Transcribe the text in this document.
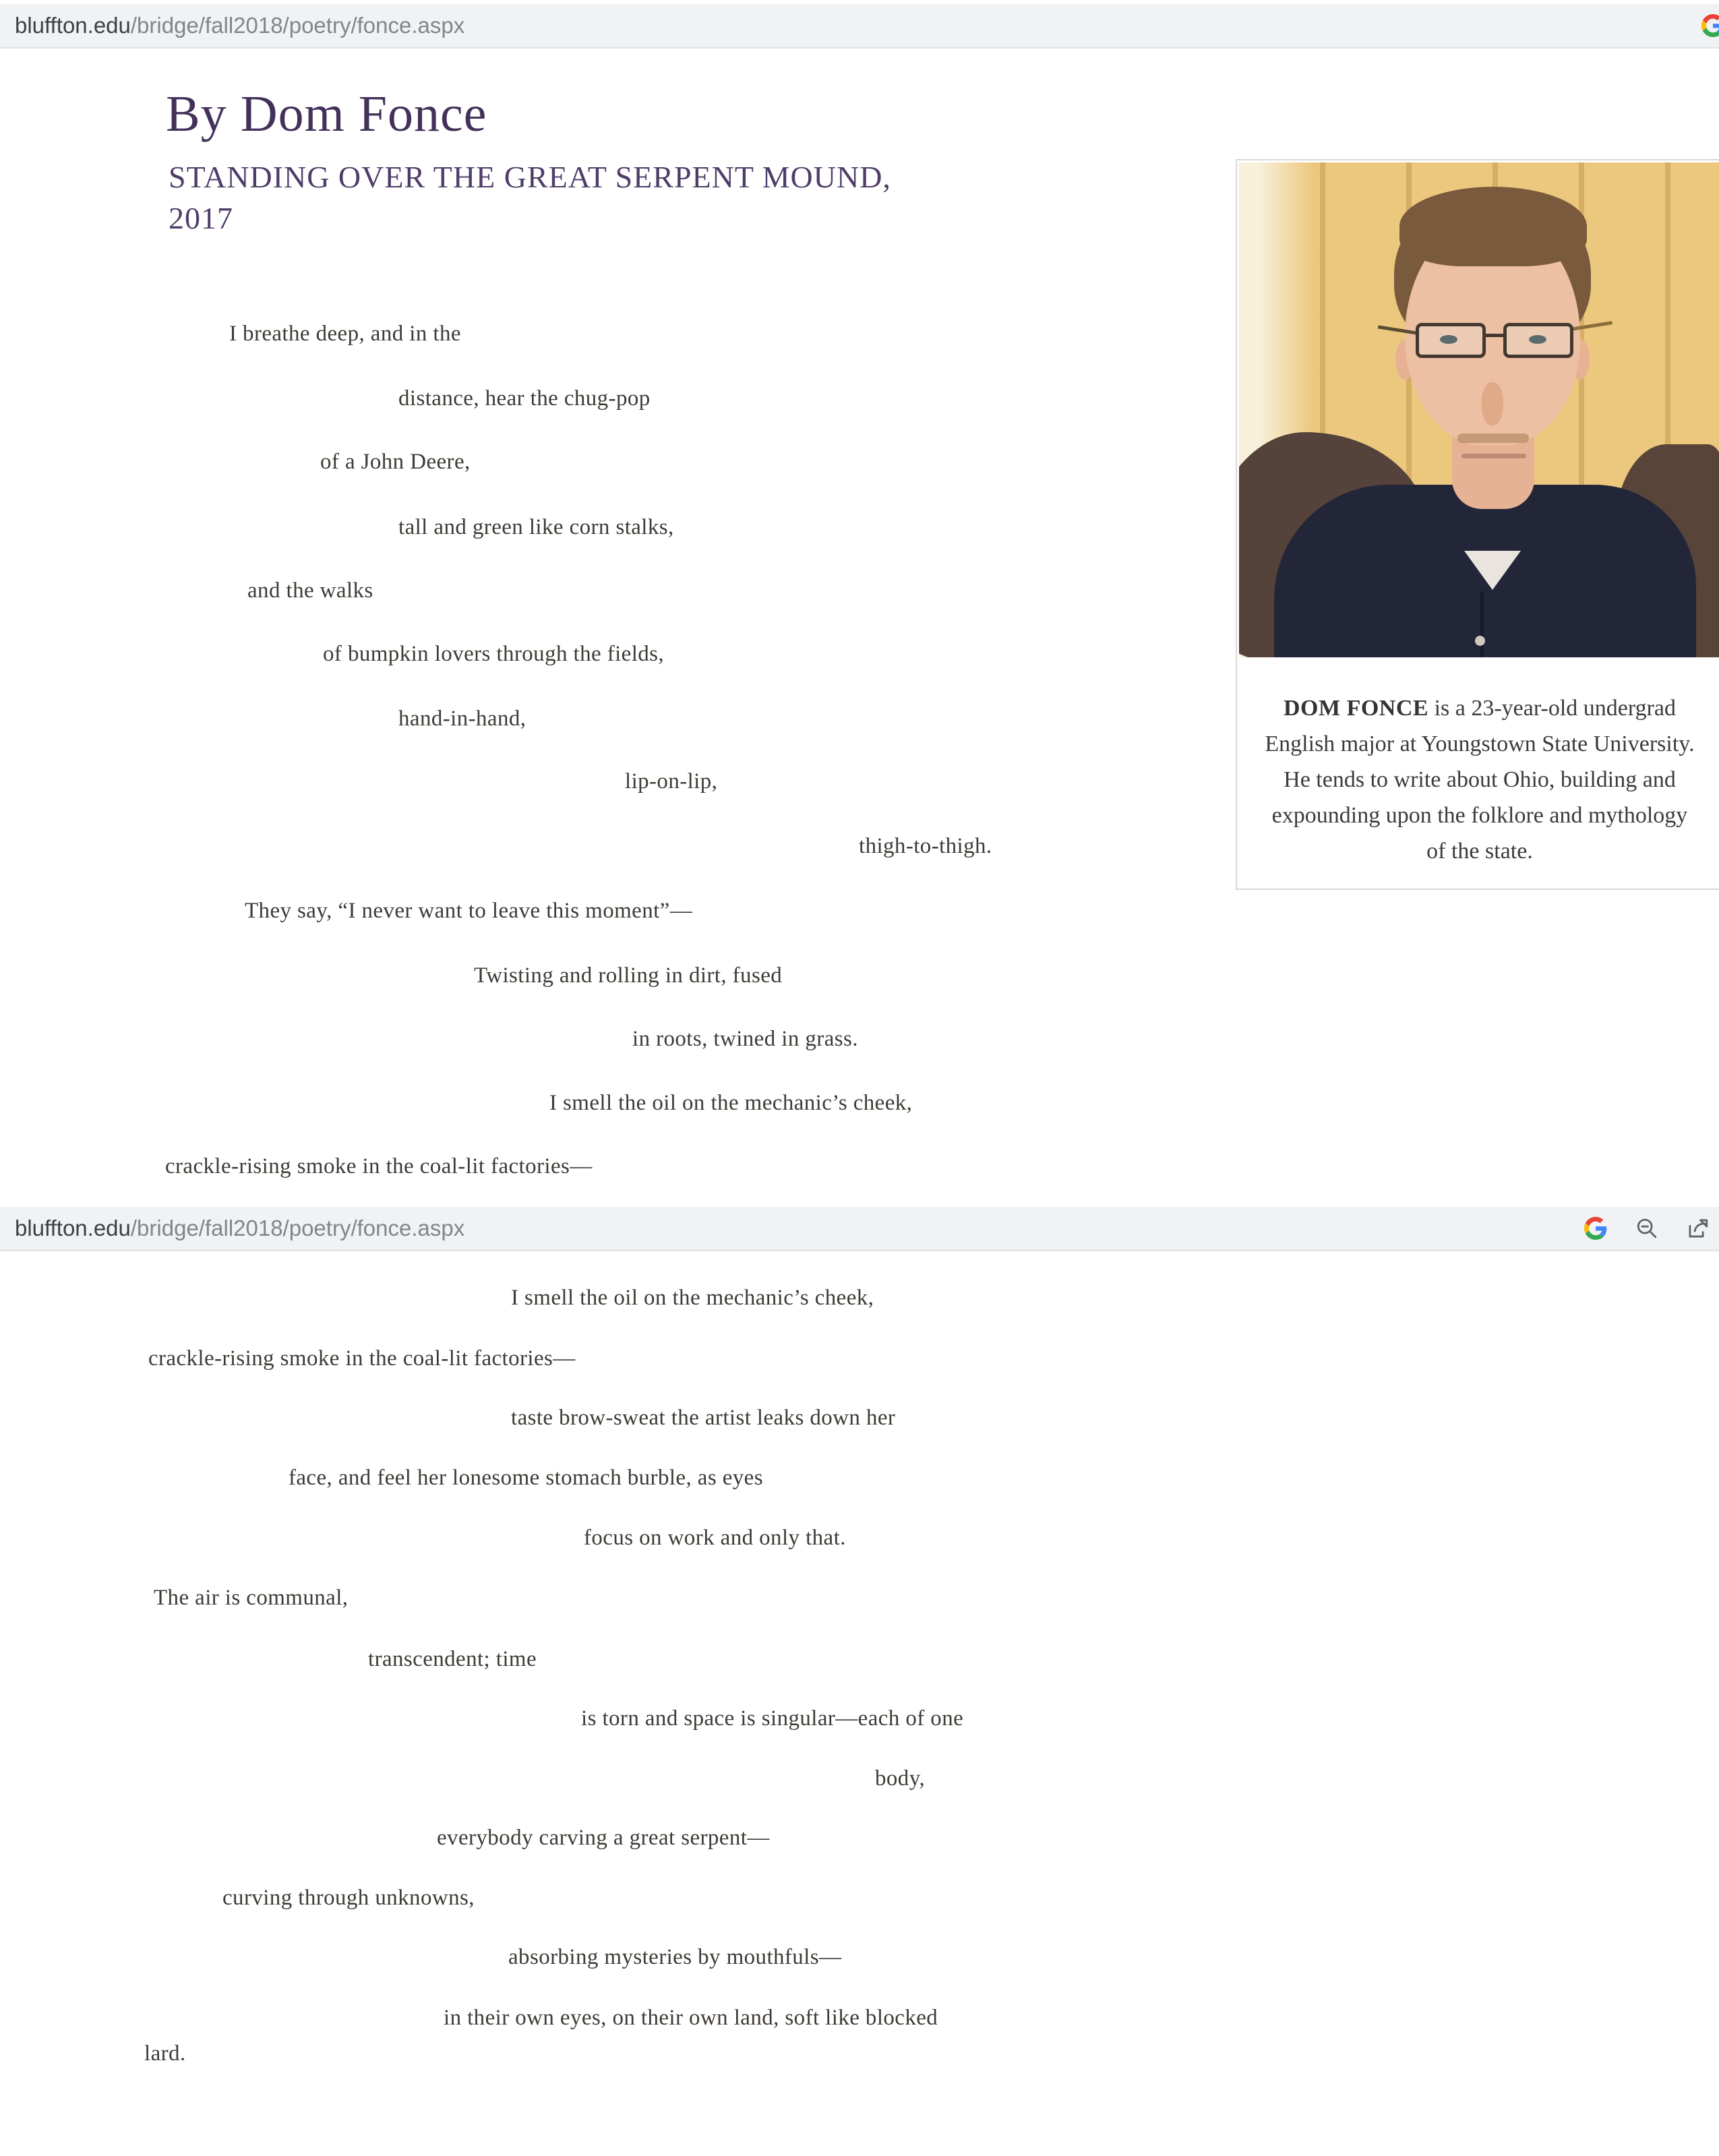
bluffton.edu/bridge/fall2018/poetry/fonce.aspx
By Dom Fonce
STANDING OVER THE GREAT SERPENT MOUND,
2017

DOM FONCE is a 23-year-old undergrad English major at Youngstown State University. He tends to write about Ohio, building and expounding upon the folklore and mythology of the state.

I breathe deep, and in the
distance, hear the chug-pop
of a John Deere,
tall and green like corn stalks,
and the walks
of bumpkin lovers through the fields,
hand-in-hand,
lip-on-lip,
thigh-to-thigh.
They say, “I never want to leave this moment”—
Twisting and rolling in dirt, fused
in roots, twined in grass.
I smell the oil on the mechanic’s cheek,
crackle-rising smoke in the coal-lit factories—
bluffton.edu/bridge/fall2018/poetry/fonce.aspx
I smell the oil on the mechanic’s cheek,
crackle-rising smoke in the coal-lit factories—
taste brow-sweat the artist leaks down her
face, and feel her lonesome stomach burble, as eyes
focus on work and only that.
The air is communal,
transcendent; time
is torn and space is singular—each of one
body,
everybody carving a great serpent—
curving through unknowns,
absorbing mysteries by mouthfuls—
in their own eyes, on their own land, soft like blocked
lard.
